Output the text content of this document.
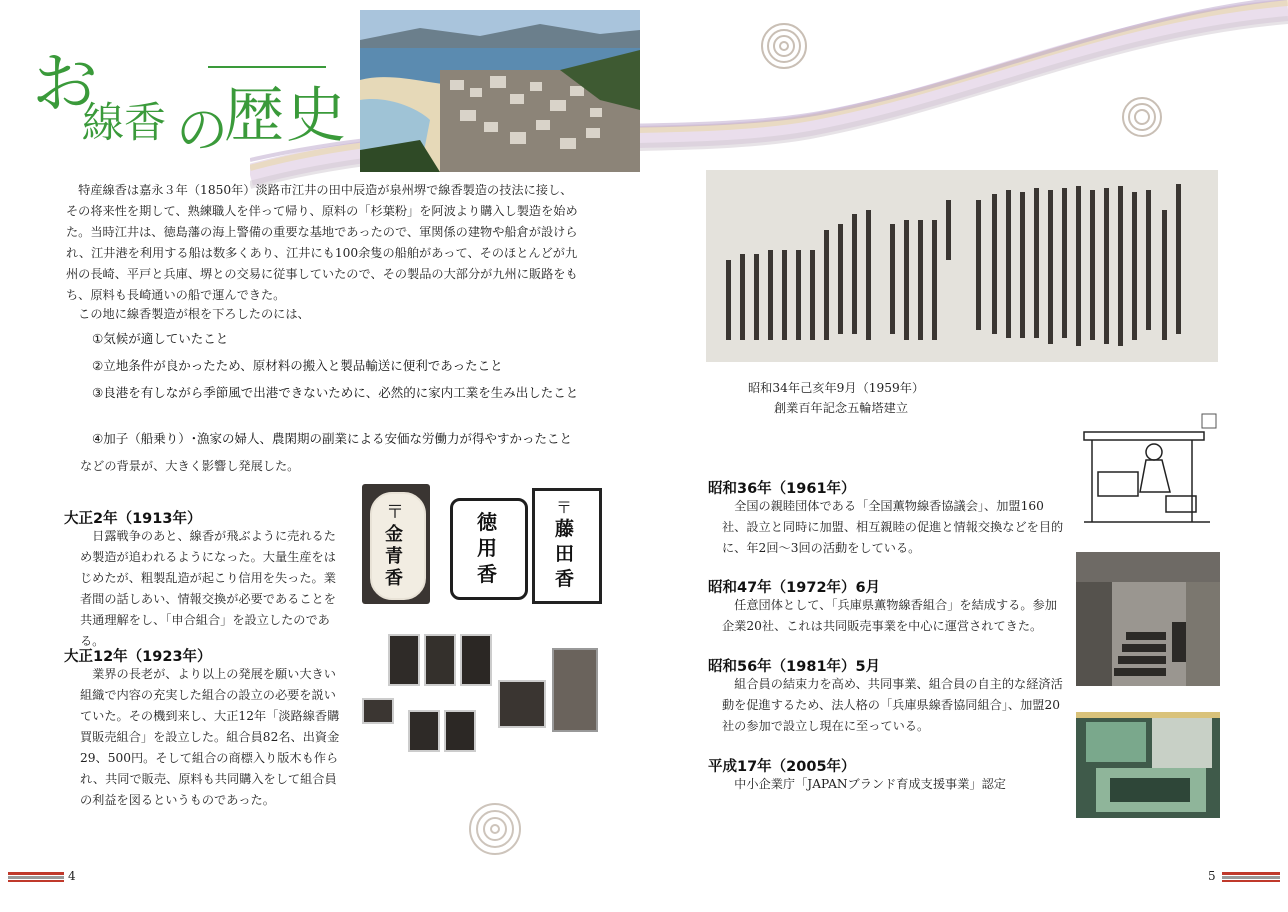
お
線香 の
歴史
　特産線香は嘉永３年（1850年）淡路市江井の田中辰造が泉州堺で線香製造の技法に接し、その将来性を期して、熟練職人を伴って帰り、原料の「杉葉粉」を阿波より購入し製造を始めた。当時江井は、徳島藩の海上警備の重要な基地であったので、軍関係の建物や船倉が設けられ、江井港を利用する船は数多くあり、江井にも100余隻の船舶があって、そのほとんどが九州の長崎、平戸と兵庫、堺との交易に従事していたので、その製品の大部分が九州に販路をもち、原料も長崎通いの船で運んできた。
　この地に線香製造が根を下ろしたのには、
①気候が適していたこと
②立地条件が良かったため、原材料の搬入と製品輸送に便利であったこと
③良港を有しながら季節風で出港できないために、必然的に家内工業を生み出したこと
④加子（船乗り）･漁家の婦人、農閑期の副業による安価な労働力が得やすかったこと
などの背景が、大きく影響し発展した。
大正2年（1913年）
　日露戦争のあと、線香が飛ぶように売れるため製造が追われるようになった。大量生産をはじめたが、粗製乱造が起こり信用を失った。業者間の話しあい、情報交換が必要であることを共通理解をし、「申合組合」を設立したのである。
大正12年（1923年）
　業界の長老が、より以上の発展を願い大きい組織で内容の充実した組合の設立の必要を説いていた。その機到来し、大正12年「淡路線香購買販売組合」を設立した。組合員82名、出資金29、500円。そして組合の商標入り版木も作られ、共同で販売、原料も共同購入をして組合員の利益を図るというものであった。
〒
金青香
徳用香
〒
藤田香
昭和34年己亥年9月（1959年）
創業百年記念五輪塔建立
昭和36年（1961年）
　全国の親睦団体である「全国薫物線香協議会」、加盟160社、設立と同時に加盟、相互親睦の促進と情報交換などを目的に、年2回～3回の活動をしている。
昭和47年（1972年）6月
　任意団体として、「兵庫県薫物線香組合」を結成する。参加企業20社、これは共同販売事業を中心に運営されてきた。
昭和56年（1981年）5月
　組合員の結束力を高め、共同事業、組合員の自主的な経済活動を促進するため、法人格の「兵庫県線香協同組合」、加盟20社の参加で設立し現在に至っている。
平成17年（2005年）
　中小企業庁「JAPANブランド育成支援事業」認定
4	5
